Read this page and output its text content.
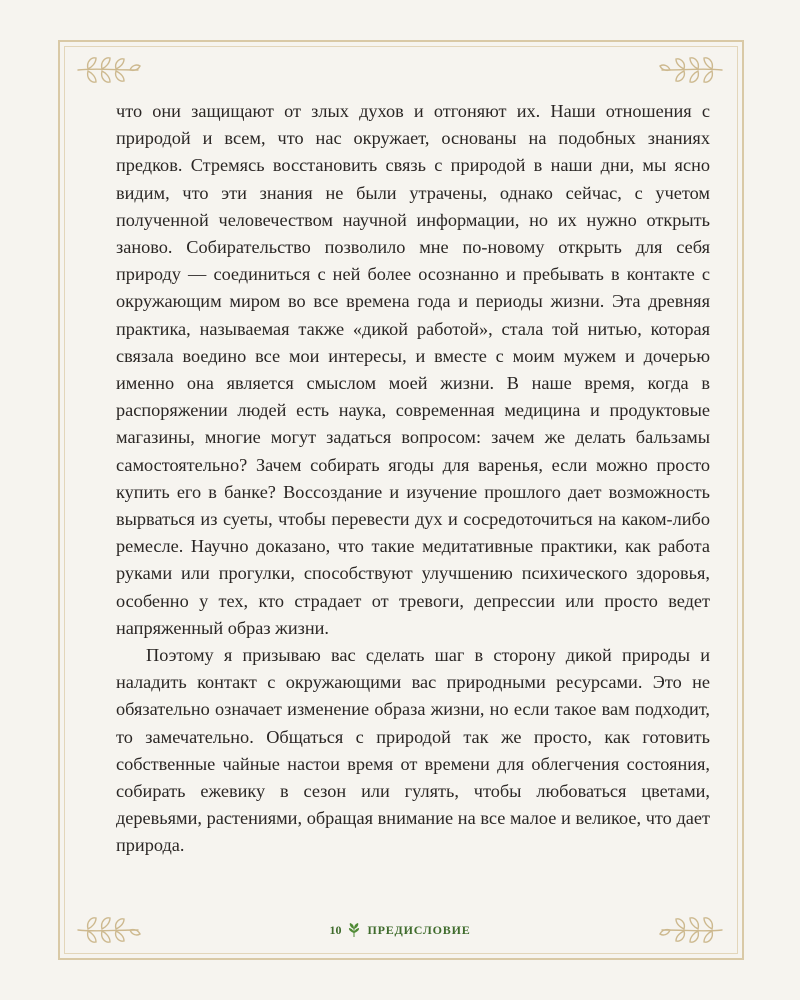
что они защищают от злых духов и отгоняют их. Наши отношения с природой и всем, что нас окружает, основаны на подобных знаниях предков. Стремясь восстановить связь с природой в наши дни, мы ясно видим, что эти знания не были утрачены, однако сейчас, с учетом полученной человечеством научной информации, но их нужно открыть заново. Собирательство позволило мне по-новому открыть для себя природу — соединиться с ней более осознанно и пребывать в контакте с окружающим миром во все времена года и периоды жизни. Эта древняя практика, называемая также «дикой работой», стала той нитью, которая связала воедино все мои интересы, и вместе с моим мужем и дочерью именно она является смыслом моей жизни. В наше время, когда в распоряжении людей есть наука, современная медицина и продуктовые магазины, многие могут задаться вопросом: зачем же делать бальзамы самостоятельно? Зачем собирать ягоды для варенья, если можно просто купить его в банке? Воссоздание и изучение прошлого дает возможность вырваться из суеты, чтобы перевести дух и сосредоточиться на каком-либо ремесле. Научно доказано, что такие медитативные практики, как работа руками или прогулки, способствуют улучшению психического здоровья, особенно у тех, кто страдает от тревоги, депрессии или просто ведет напряженный образ жизни.

Поэтому я призываю вас сделать шаг в сторону дикой природы и наладить контакт с окружающими вас природными ресурсами. Это не обязательно означает изменение образа жизни, но если такое вам подходит, то замечательно. Общаться с природой так же просто, как готовить собственные чайные настои время от времени для облегчения состояния, собирать ежевику в сезон или гулять, чтобы любоваться цветами, деревьями, растениями, обращая внимание на все малое и великое, что дает природа.

10 ПРЕДИСЛОВИЕ
